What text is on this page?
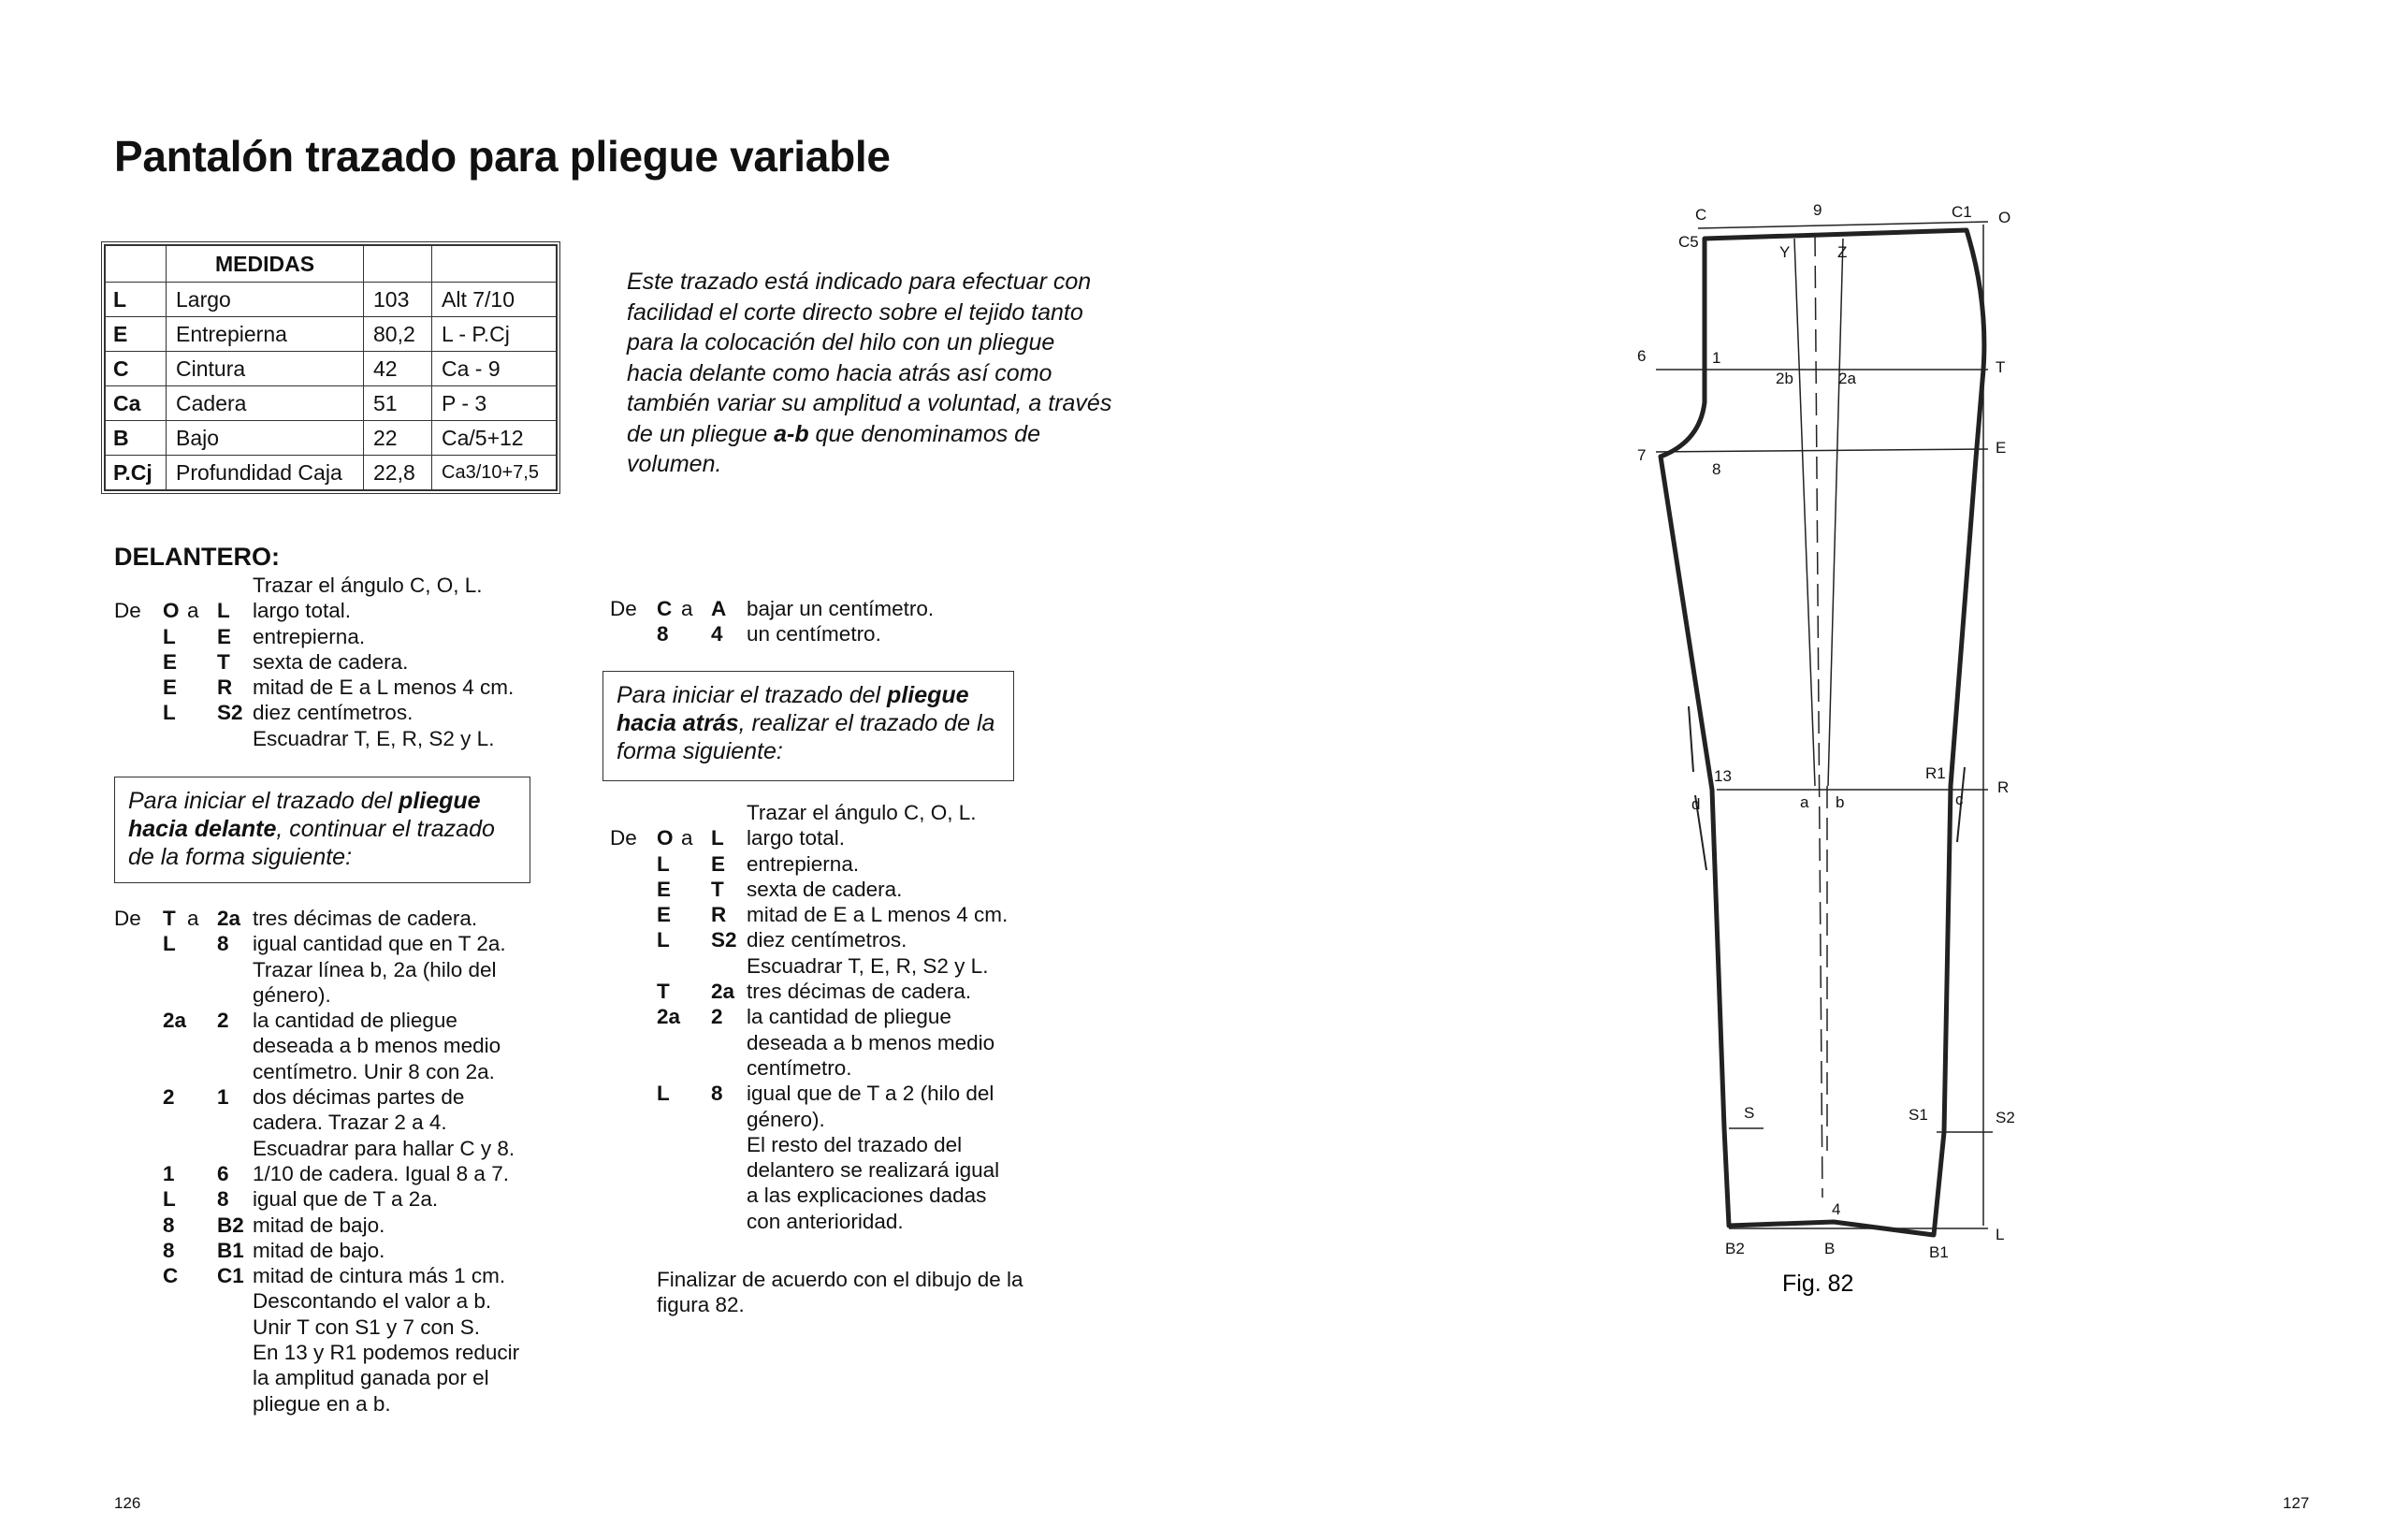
Pantalón trazado para pliegue variable
	MEDIDAS		
L	Largo	103	Alt 7/10
E	Entrepierna	80,2	L - P.Cj
C	Cintura	42	Ca - 9
Ca	Cadera	51	P - 3
B	Bajo	22	Ca/5+12
P.Cj	Profundidad Caja	22,8	Ca3/10+7,5
Este trazado está indicado para efectuar con facilidad el corte directo sobre el tejido tanto para la colocación del hilo con un pliegue hacia delante como hacia atrás así como también variar su amplitud a voluntad, a través de un pliegue a-b que denominamos de volumen.
DELANTERO:
Trazar el ángulo C, O, L.
De O a L largo total.
L E entrepierna.
E T sexta de cadera.
E R mitad de E a L menos 4 cm.
L S2 diez centímetros.
Escuadrar T, E, R, S2 y L.
Para iniciar el trazado del pliegue hacia delante, continuar el trazado de la forma siguiente:
De T a 2a tres décimas de cadera.
L 8 igual cantidad que en T 2a.
Trazar línea b, 2a (hilo del
género).
2a 2 la cantidad de pliegue
deseada a b menos medio
centímetro. Unir 8 con 2a.
2 1 dos décimas partes de
cadera. Trazar 2 a 4.
Escuadrar para hallar C y 8.
1 6 1/10 de cadera. Igual 8 a 7.
L 8 igual que de T a 2a.
8 B2 mitad de bajo.
8 B1 mitad de bajo.
C C1 mitad de cintura más 1 cm.
Descontando el valor a b.
Unir T con S1 y 7 con S.
En 13 y R1 podemos reducir
la amplitud ganada por el
pliegue en a b.
De C a A bajar un centímetro.
8 4 un centímetro.
Para iniciar el trazado del pliegue hacia atrás, realizar el trazado de la forma siguiente:
Trazar el ángulo C, O, L.
De O a L largo total.
L E entrepierna.
E T sexta de cadera.
E R mitad de E a L menos 4 cm.
L S2 diez centímetros.
Escuadrar T, E, R, S2 y L.
T 2a tres décimas de cadera.
2a 2 la cantidad de pliegue
deseada a b menos medio
centímetro.
L 8 igual que de T a 2 (hilo del
género).
El resto del trazado del
delantero se realizará igual
a las explicaciones dadas
con anterioridad.
Finalizar de acuerdo con el dibujo de la figura 82.
C	9	C1 O
C5
Y	Z
6	1
2b	2a
T
7
8
E
13	R1
R
d	a b	c
S	S1	S2
4
B2	B	B1
L
Fig. 82
126	127
